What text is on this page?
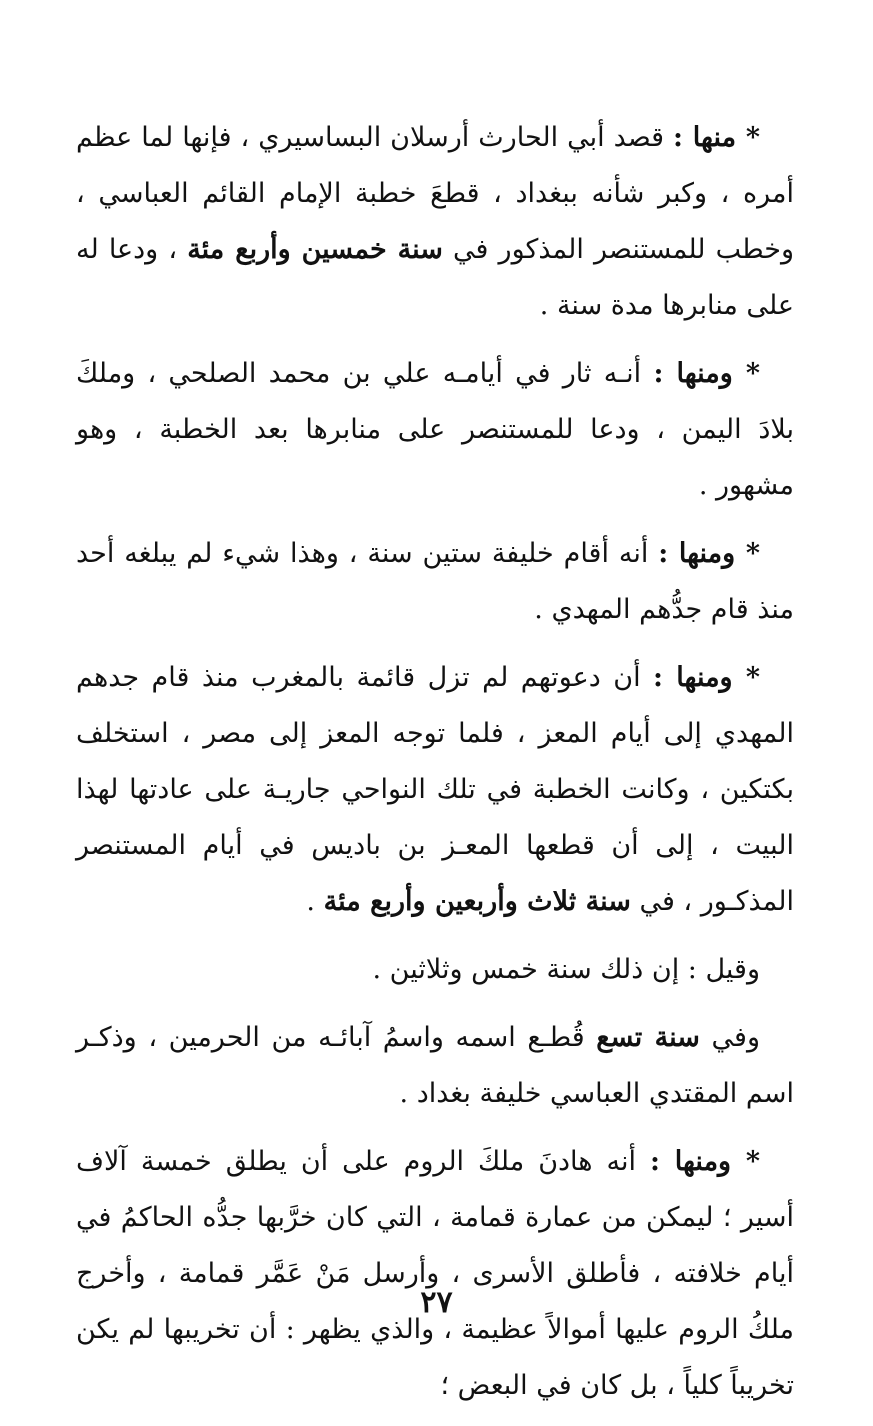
* منها : قصد أبي الحارث أرسلان البساسيري ، فإنها لما عظم أمره ، وكبر شأنه ببغداد ، قطعَ خطبة الإمام القائم العباسي ، وخطب للمستنصر المذكور في سنة خمسين وأربع مئة ، ودعا له على منابرها مدة سنة .

* ومنها : أنـه ثار في أيامـه علي بن محمد الصلحي ، وملكَ بلادَ اليمن ، ودعا للمستنصر على منابرها بعد الخطبة ، وهو مشهور .

* ومنها : أنه أقام خليفة ستين سنة ، وهذا شيء لم يبلغه أحد منذ قام جدُّهم المهدي .

* ومنها : أن دعوتهم لم تزل قائمة بالمغرب منذ قام جدهم المهدي إلى أيام المعز ، فلما توجه المعز إلى مصر ، استخلف بكتكين ، وكانت الخطبة في تلك النواحي جاريـة على عادتها لهذا البيت ، إلى أن قطعها المعـز بن باديس في أيام المستنصر المذكـور ، في سنة ثلاث وأربعين وأربع مئة .

وقيل : إن ذلك سنة خمس وثلاثين .

وفي سنة تسع قُطـع اسمه واسمُ آبائـه من الحرمين ، وذكـر اسم المقتدي العباسي خليفة بغداد .

* ومنها : أنه هادنَ ملكَ الروم على أن يطلق خمسة آلاف أسير ؛ ليمكن من عمارة قمامة ، التي كان خرَّبها جدُّه الحاكمُ في أيام خلافته ، فأطلق الأسرى ، وأرسل مَنْ عَمَّر قمامة ، وأخرج ملكُ الروم عليها أموالاً عظيمة ، والذي يظهر : أن تخريبها لم يكن تخريباً كلياً ، بل كان في البعض ؛

٢٧
